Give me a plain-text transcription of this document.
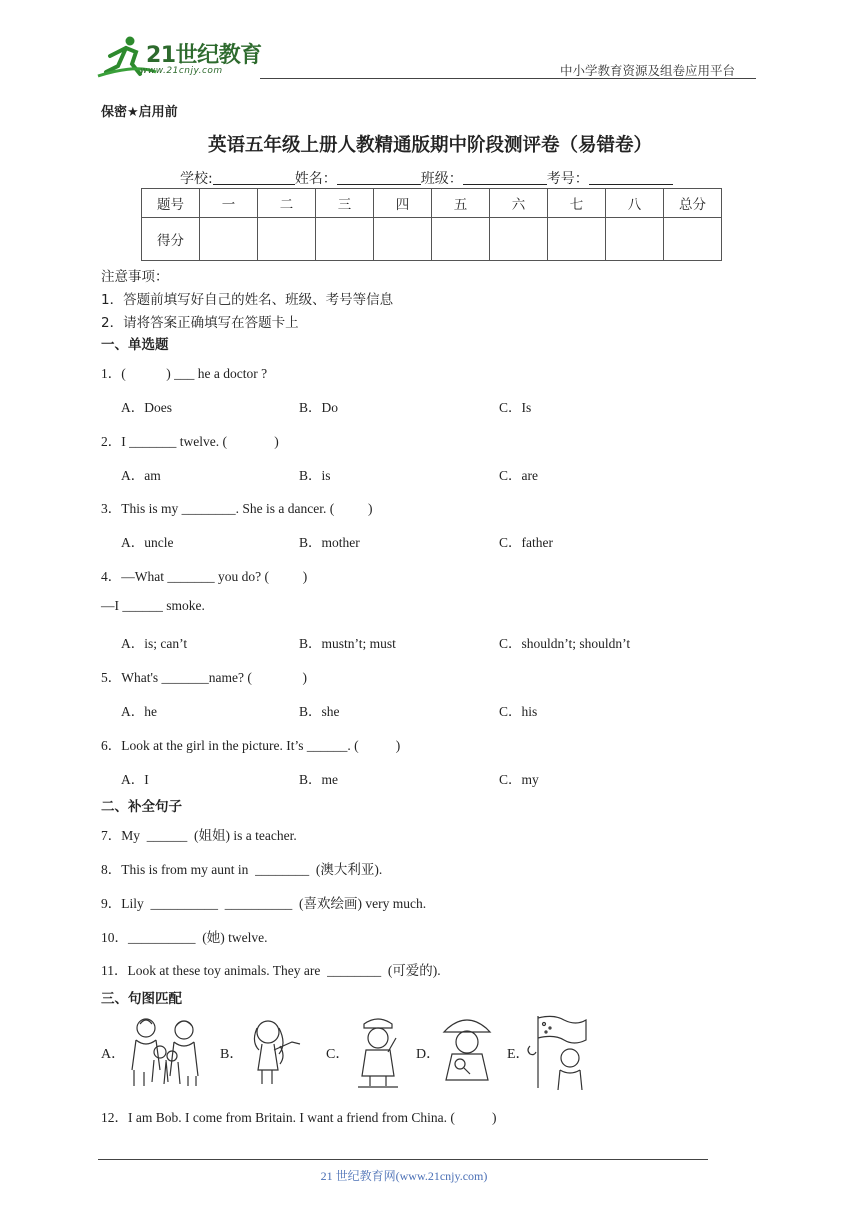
21世纪教育
www.21cnjy.com	中小学教育资源及组卷应用平台
保密★启用前
英语五年级上册人教精通版期中阶段测评卷（易错卷）
学校:	姓名：	班级：	考号：
题号	一	二	三	四	五	六	七	八	总分
得分									
注意事项：
1．答题前填写好自己的姓名、班级、考号等信息
2．请将答案正确填写在答题卡上
一、单选题
1．(            ) ___ he a doctor ?
A．Does	B．Do	C．Is
2．I _______ twelve. (              )
A．am	B．is	C．are
3．This is my ________. She is a dancer. (          )
A．uncle	B．mother	C．father
4．—What _______ you do? (          )
—I ______ smoke.
A．is; can’t	B．mustn’t; must	C．shouldn’t; shouldn’t
5．What's _______name? (               )
A．he	B．she	C．his
6．Look at the girl in the picture. It’s ______. (           )
A．I	B．me	C．my
二、补全句子
7．My  ______  (姐姐) is a teacher.
8．This is from my aunt in  ________  (澳大利亚).
9．Lily  __________  __________  (喜欢绘画) very much.
10．__________  (她) twelve.
11．Look at these toy animals. They are  ________  (可爱的).
三、句图匹配
A．	B．	C．	D．	E．
12．I am Bob. I come from Britain. I want a friend from China. (           )
21 世纪教育网(www.21cnjy.com)
